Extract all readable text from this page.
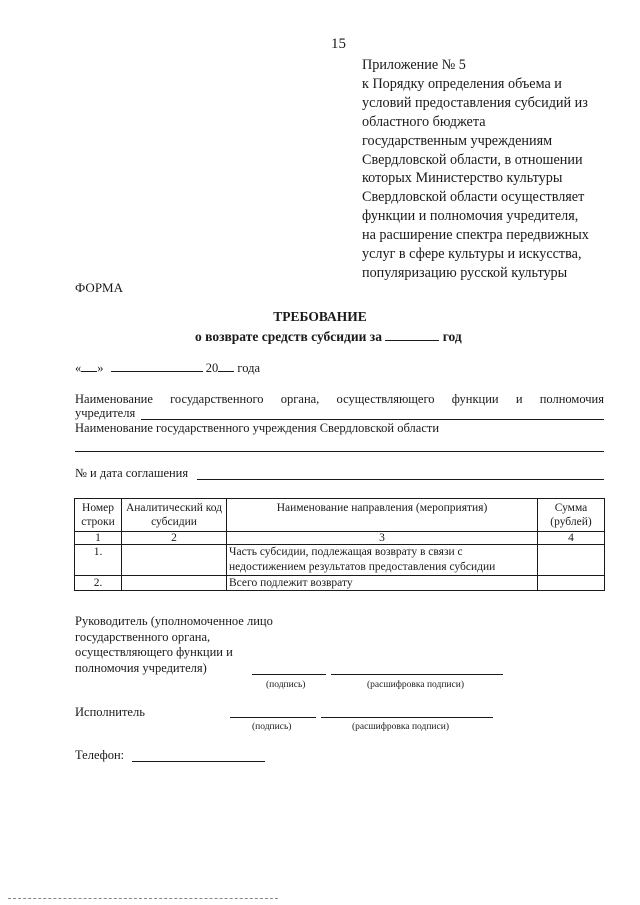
15
Приложение № 5
к Порядку определения объема и
условий предоставления субсидий из
областного бюджета
государственным учреждениям
Свердловской области, в отношении
которых Министерство культуры
Свердловской области осуществляет
функции и полномочия учредителя,
на расширение спектра передвижных
услуг в сфере культуры и искусства,
популяризацию русской культуры
ФОРМА
ТРЕБОВАНИЕ
о возврате средств субсидии за	год
« »	20 года
Наименование государственного органа, осуществляющего функции и полномочия
учредителя
Наименование государственного учреждения Свердловской области
№ и дата соглашения
Номер строки	Аналитический код субсидии	Наименование направления (мероприятия)	Сумма (рублей)
1	2	3	4
1.		Часть субсидии, подлежащая возврату в связи с недостижением результатов предоставления субсидии	
2.		Всего подлежит возврату	
Руководитель (уполномоченное лицо
государственного органа,
осуществляющего функции и
полномочия учредителя)
(подпись)	(расшифровка подписи)
Исполнитель
(подпись)	(расшифровка подписи)
Телефон:
